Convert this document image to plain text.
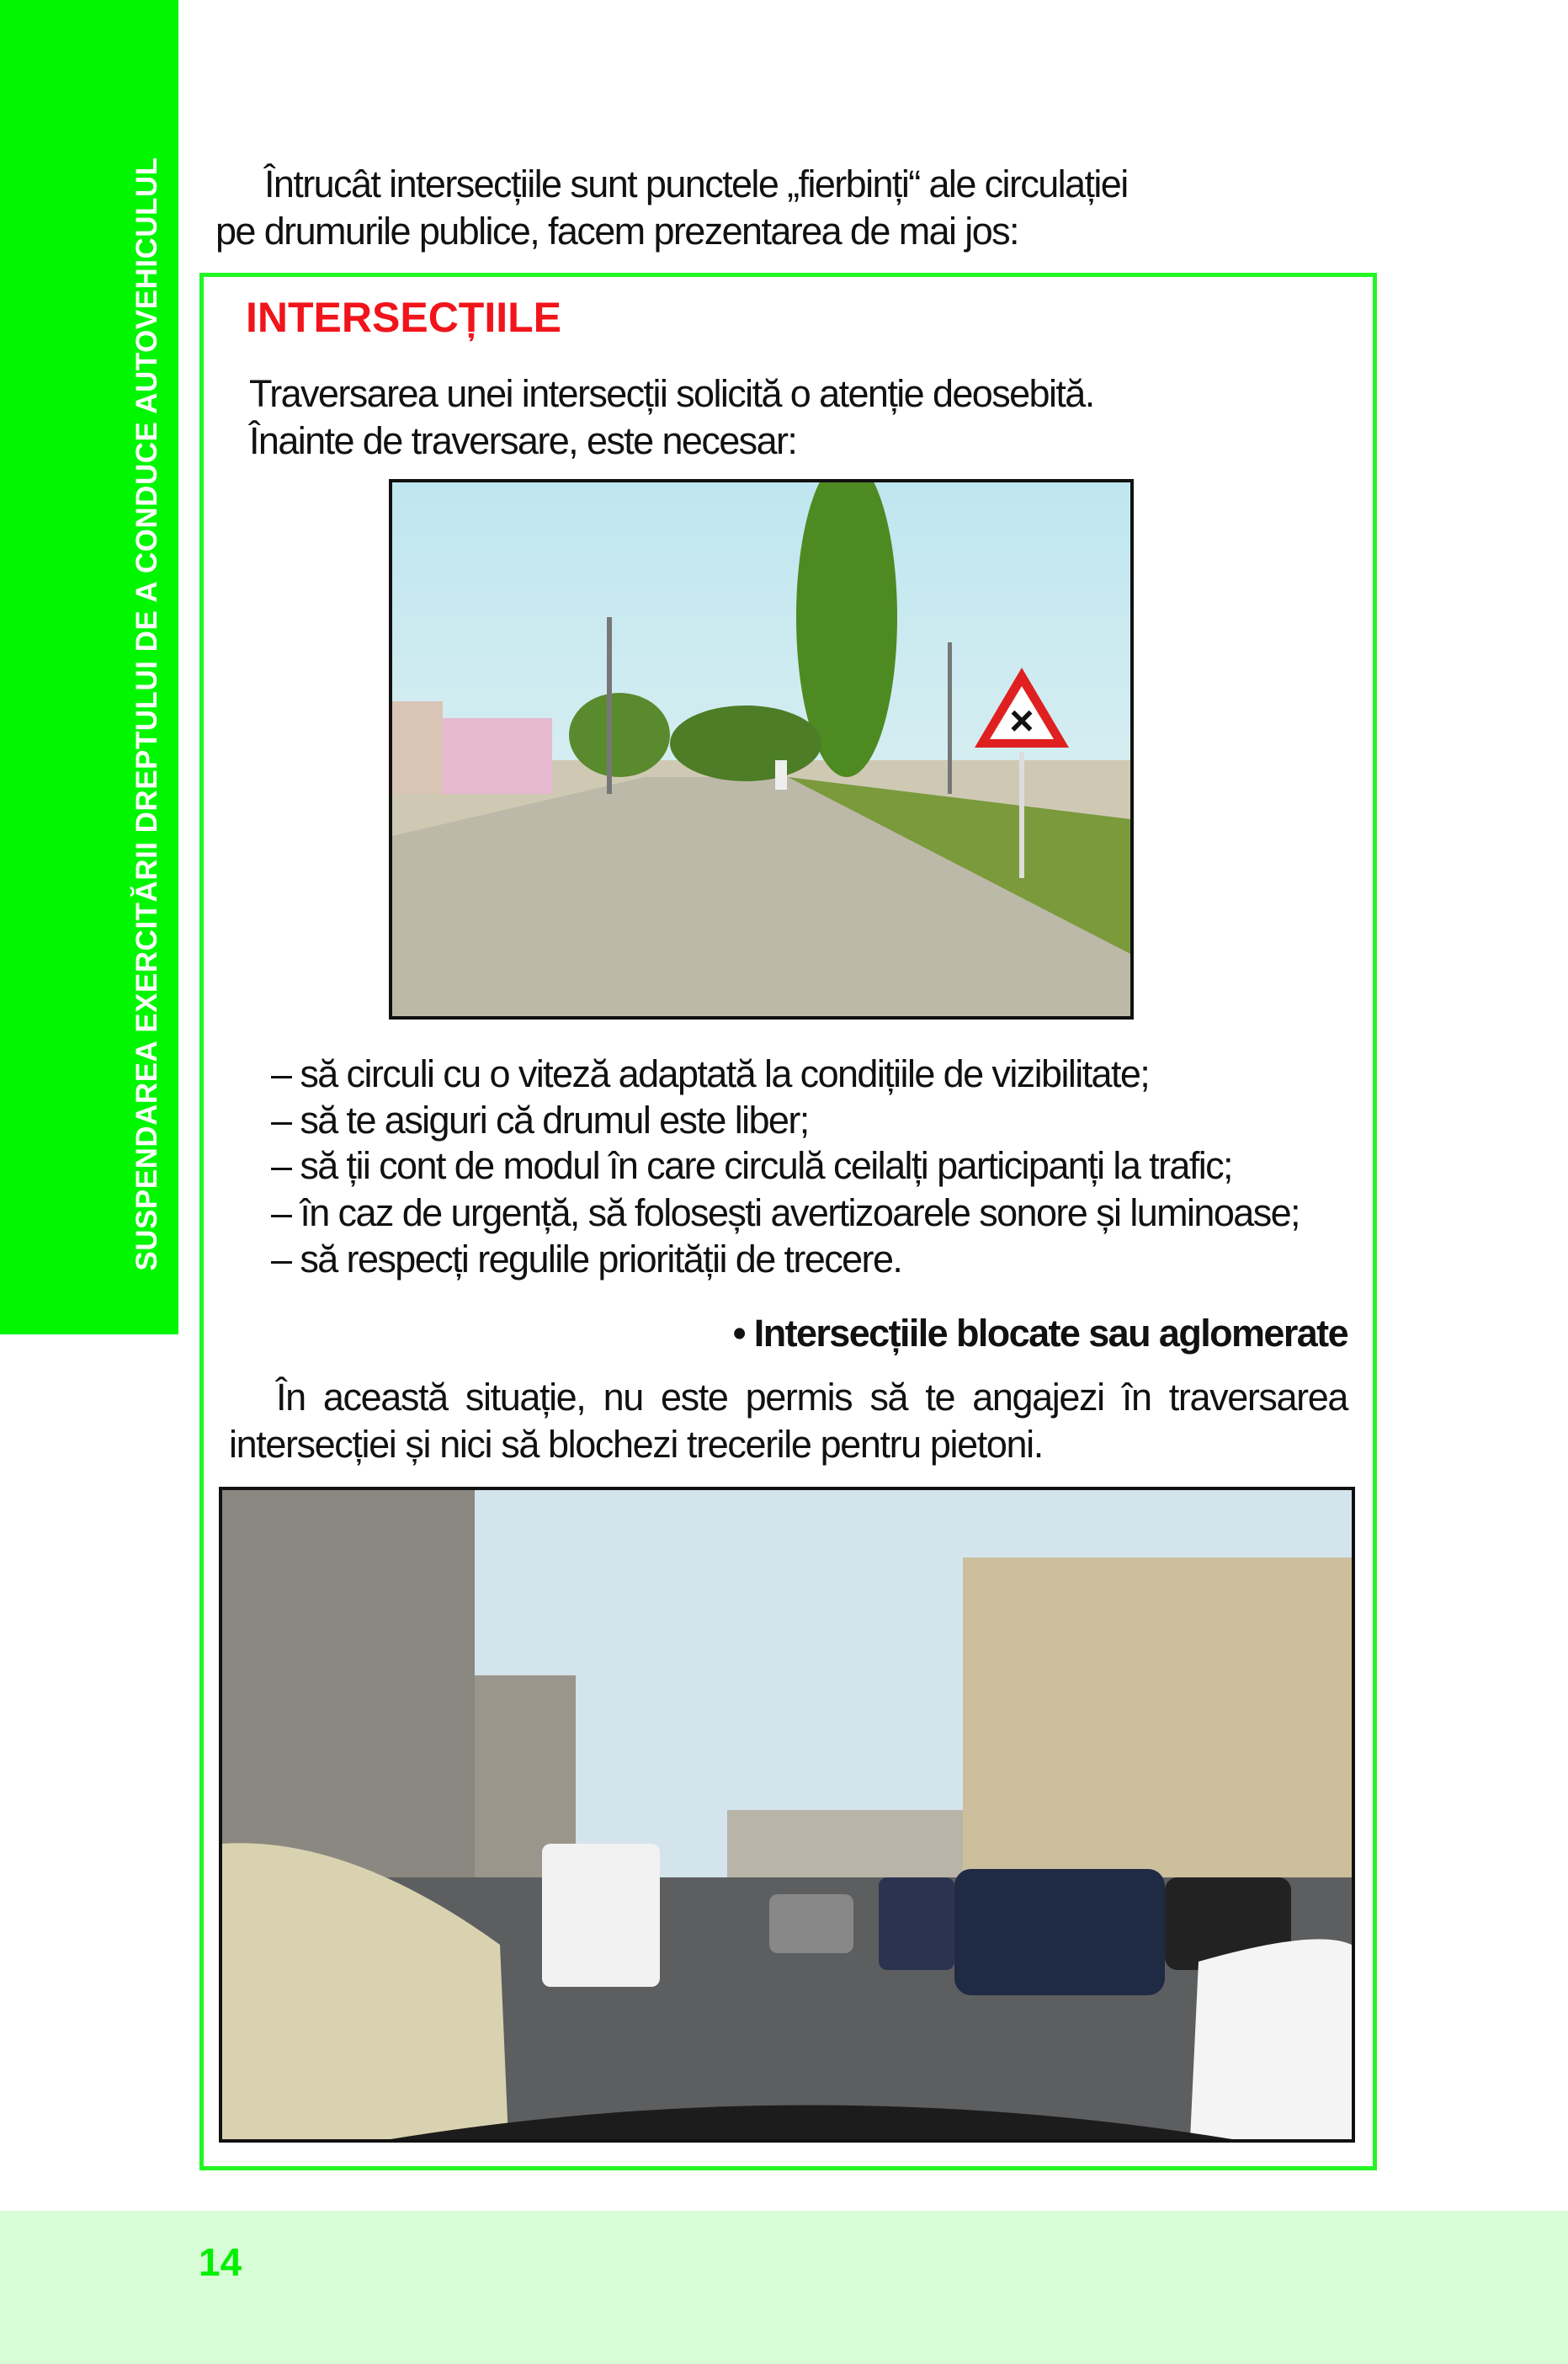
SUSPENDAREA EXERCITĂRII DREPTULUI DE A CONDUCE AUTOVEHICULUL	Întrucât intersecțiile sunt punctele „fierbinți“ ale circulației
pe drumurile publice, facem prezentarea de mai jos:
INTERSECȚIILE
Traversarea unei intersecții solicită o atenție deosebită.
Înainte de traversare, este necesar:
×
– să circuli cu o viteză adaptată la condițiile de vizibilitate;
– să te asiguri că drumul este liber;
– să ții cont de modul în care circulă ceilalți participanți la trafic;
– în caz de urgență, să folosești avertizoarele sonore și luminoase;
– să respecți regulile priorității de trecere.
• Intersecțiile blocate sau aglomerate
În această situație, nu este permis să te angajezi în traversarea intersecției și nici să blochezi trecerile pentru pietoni.
14
